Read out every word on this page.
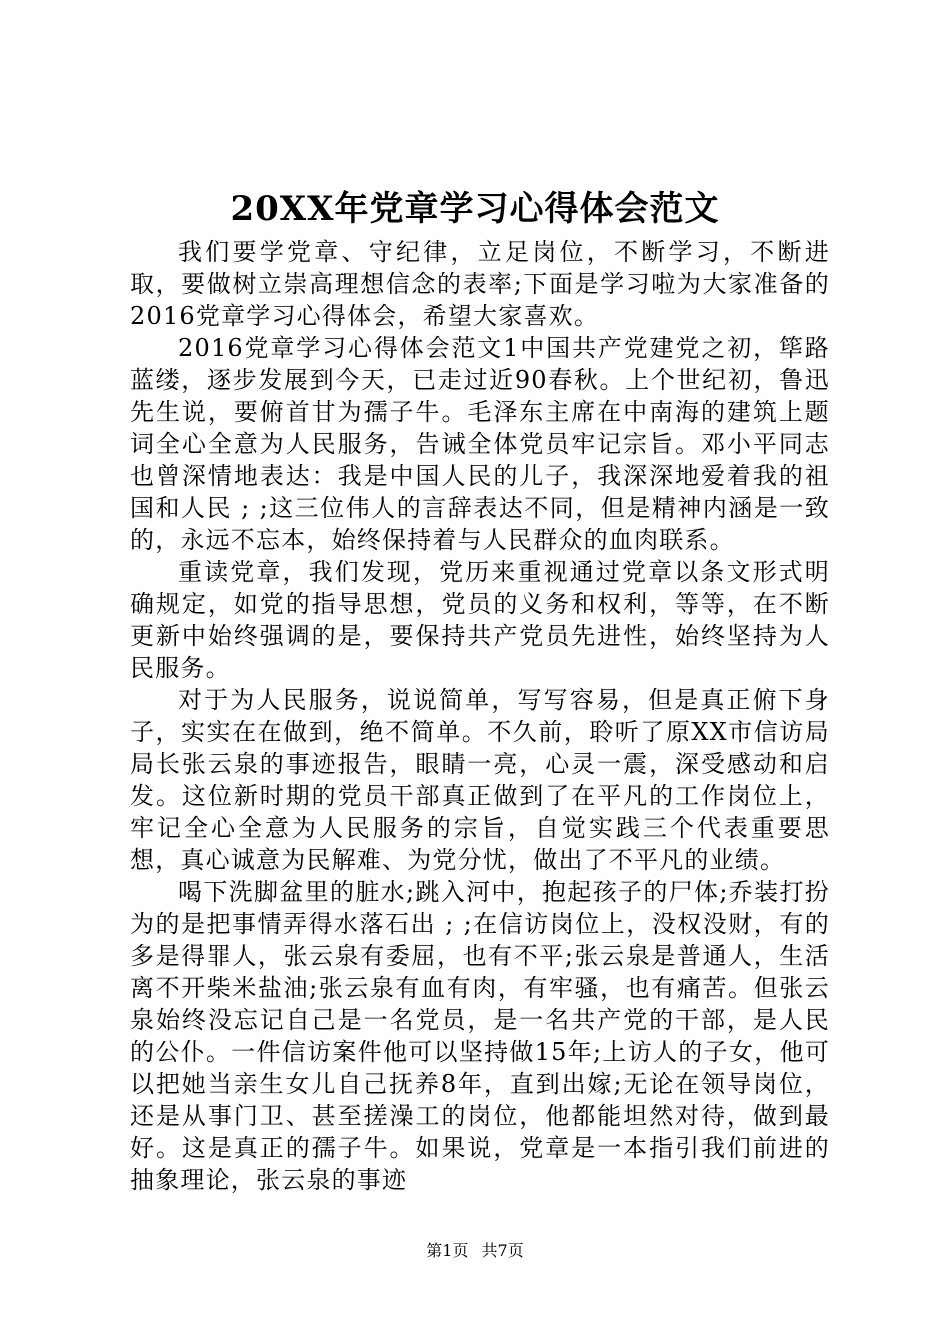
20XX年党章学习心得体会范文

我们要学党章、守纪律，立足岗位，不断学习，不断进取，要做树立崇高理想信念的表率;下面是学习啦为大家准备的2016党章学习心得体会，希望大家喜欢。

2016党章学习心得体会范文1中国共产党建党之初，筚路蓝缕，逐步发展到今天，已走过近90春秋。上个世纪初，鲁迅先生说，要俯首甘为孺子牛。毛泽东主席在中南海的建筑上题词全心全意为人民服务，告诫全体党员牢记宗旨。邓小平同志也曾深情地表达：我是中国人民的儿子，我深深地爱着我的祖国和人民 ; ;这三位伟人的言辞表达不同，但是精神内涵是一致的，永远不忘本，始终保持着与人民群众的血肉联系。

重读党章，我们发现，党历来重视通过党章以条文形式明确规定，如党的指导思想，党员的义务和权利，等等，在不断更新中始终强调的是，要保持共产党员先进性，始终坚持为人民服务。

对于为人民服务，说说简单，写写容易，但是真正俯下身子，实实在在做到，绝不简单。不久前，聆听了原XX市信访局局长张云泉的事迹报告，眼睛一亮，心灵一震，深受感动和启发。这位新时期的党员干部真正做到了在平凡的工作岗位上，牢记全心全意为人民服务的宗旨，自觉实践三个代表重要思想，真心诚意为民解难、为党分忧，做出了不平凡的业绩。

喝下洗脚盆里的脏水;跳入河中，抱起孩子的尸体;乔装打扮为的是把事情弄得水落石出 ; ;在信访岗位上，没权没财，有的多是得罪人，张云泉有委屈，也有不平;张云泉是普通人，生活离不开柴米盐油;张云泉有血有肉，有牢骚，也有痛苦。但张云泉始终没忘记自己是一名党员，是一名共产党的干部，是人民的公仆。一件信访案件他可以坚持做15年;上访人的子女，他可以把她当亲生女儿自己抚养8年，直到出嫁;无论在领导岗位，还是从事门卫、甚至搓澡工的岗位，他都能坦然对待，做到最好。这是真正的孺子牛。如果说，党章是一本指引我们前进的抽象理论，张云泉的事迹

第1页 共7页
